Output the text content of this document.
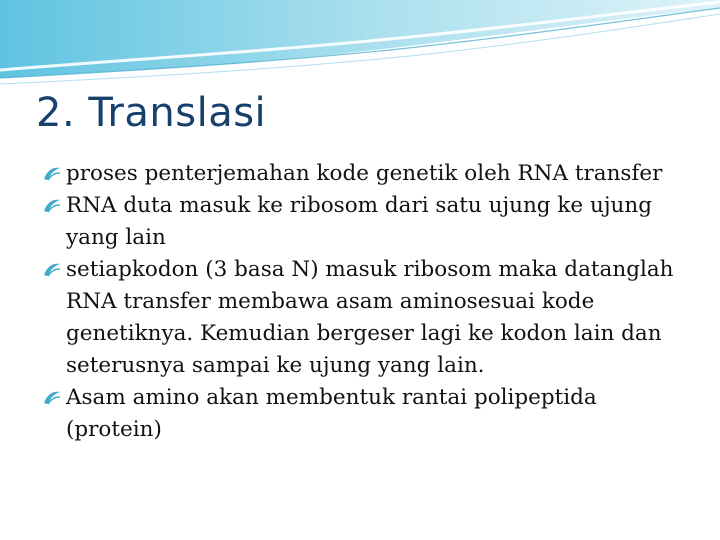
2. Translasi

proses penterjemahan kode genetik oleh RNA transfer

RNA duta masuk ke ribosom dari satu ujung ke ujung yang lain

setiapkodon (3 basa N) masuk ribosom maka datanglah RNA transfer membawa asam aminosesuai kode genetiknya. Kemudian bergeser lagi ke kodon lain dan seterusnya sampai ke ujung yang lain.

Asam amino akan membentuk rantai polipeptida (protein)
